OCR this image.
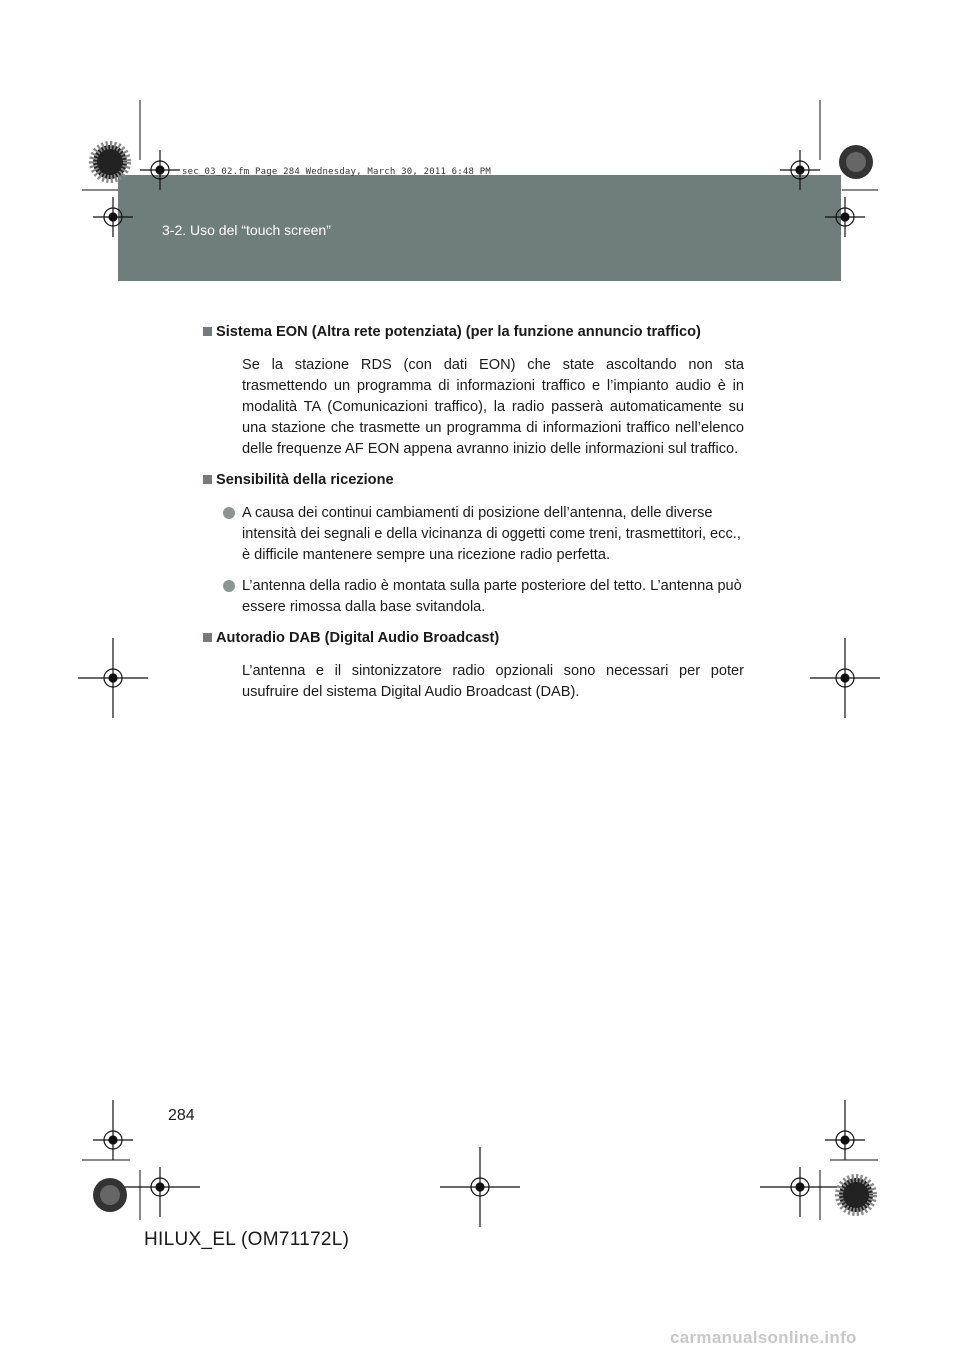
3-2. Uso del “touch screen”
sec_03_02.fm Page 284 Wednesday, March 30, 2011 6:48 PM
Sistema EON (Altra rete potenziata) (per la funzione annuncio traffico)
Se la stazione RDS (con dati EON) che state ascoltando non sta trasmettendo un programma di informazioni traffico e l’impianto audio è in modalità TA (Comunicazioni traffico), la radio passerà automaticamente su una stazione che trasmette un programma di informazioni traffico nell’elenco delle frequenze AF EON appena avranno inizio delle informazioni sul traffico.
Sensibilità della ricezione
A causa dei continui cambiamenti di posizione dell’antenna, delle diverse intensità dei segnali e della vicinanza di oggetti come treni, trasmettitori, ecc., è difficile mantenere sempre una ricezione radio perfetta.
L’antenna della radio è montata sulla parte posteriore del tetto. L’antenna può essere rimossa dalla base svitandola.
Autoradio DAB (Digital Audio Broadcast)
L’antenna e il sintonizzatore radio opzionali sono necessari per poter usufruire del sistema Digital Audio Broadcast (DAB).
284
HILUX_EL (OM71172L)
carmanualsonline.info
